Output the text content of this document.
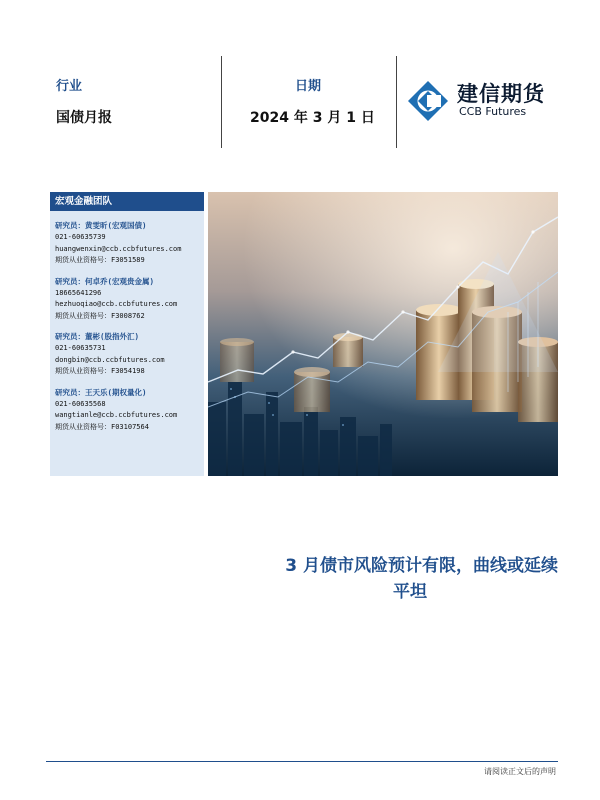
行业
国债月报
日期
2024 年 3 月 1 日
建信期货
CCB Futures
宏观金融团队
研究员：黄雯昕(宏观国债)
021-60635739
huangwenxin@ccb.ccbfutures.com
期货从业资格号：F3051589
研究员：何卓乔(宏观贵金属)
18665641296
hezhuoqiao@ccb.ccbfutures.com
期货从业资格号：F3008762
研究员：董彬(股指外汇)
021-60635731
dongbin@ccb.ccbfutures.com
期货从业资格号：F3054198
研究员：王天乐(期权量化)
021-60635568
wangtianle@ccb.ccbfutures.com
期货从业资格号：F03107564
3 月债市风险预计有限，曲线或延续
平坦
请阅读正文后的声明
